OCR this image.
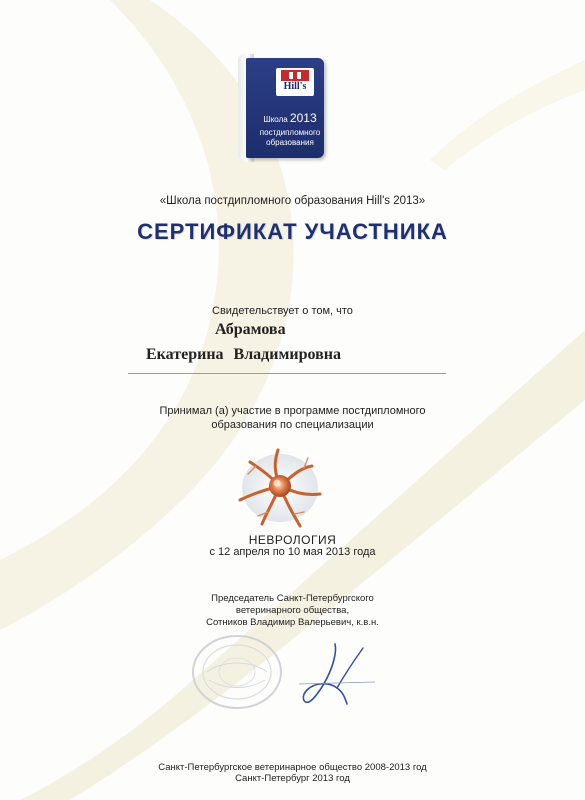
Hill's
Школа 2013
постдипломного
образования
«Школа постдипломного образования Hill's 2013»
СЕРТИФИКАТ УЧАСТНИКА
Свидетельствует о том, что
Абрамова
Екатерина Владимировна
Принимал (а) участие в программе постдипломного
образования по специализации
НЕВРОЛОГИЯ
с 12 апреля по 10 мая 2013 года
Председатель Санкт-Петербургского
ветеринарного общества,
Сотников Владимир Валерьевич, к.в.н.
Санкт-Петербургское ветеринарное общество 2008-2013 год
Санкт-Петербург 2013 год
